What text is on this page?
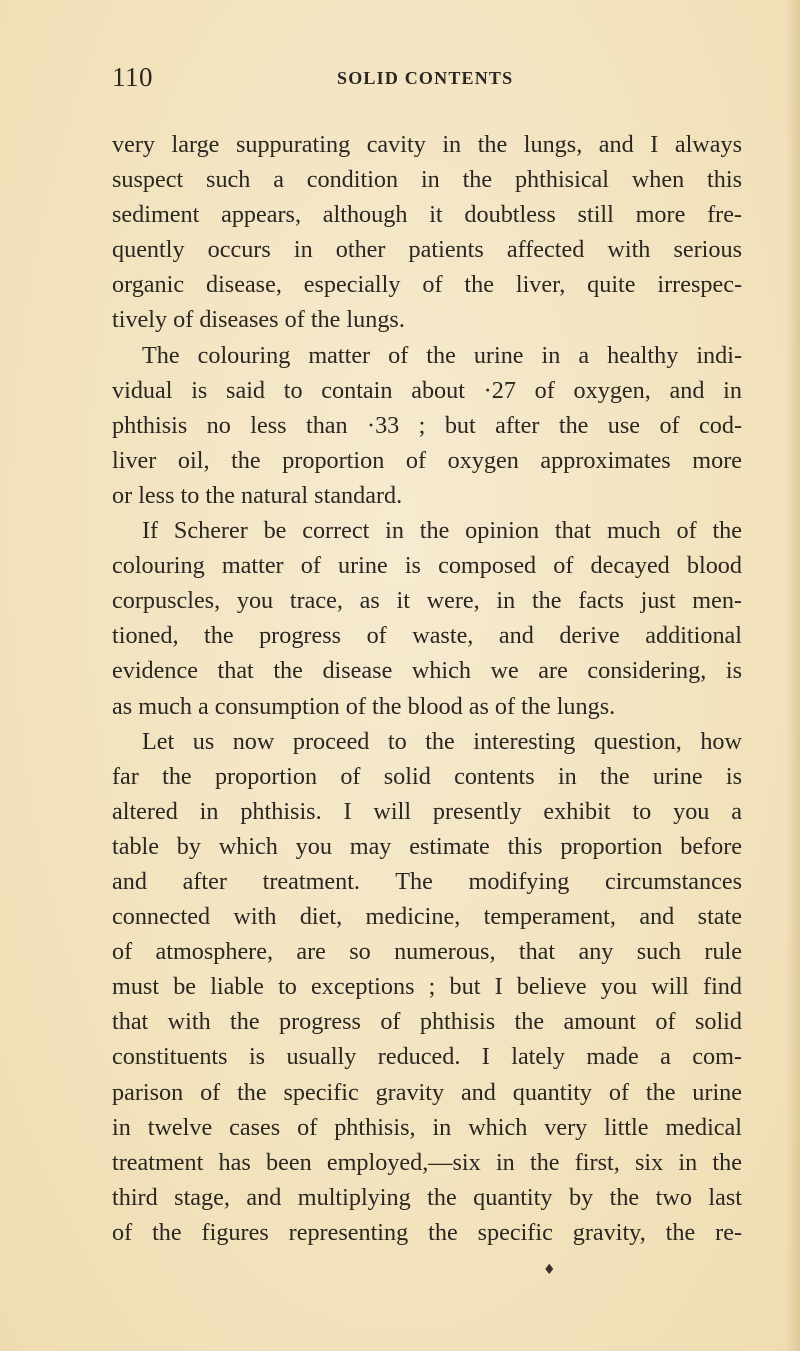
110	SOLID CONTENTS
very large suppurating cavity in the lungs, and I always
suspect such a condition in the phthisical when this
sediment appears, although it doubtless still more fre-
quently occurs in other patients affected with serious
organic disease, especially of the liver, quite irrespec-
tively of diseases of the lungs.
The colouring matter of the urine in a healthy indi-
vidual is said to contain about ·27 of oxygen, and in
phthisis no less than ·33 ; but after the use of cod-
liver oil, the proportion of oxygen approximates more
or less to the natural standard.
If Scherer be correct in the opinion that much of the
colouring matter of urine is composed of decayed blood
corpuscles, you trace, as it were, in the facts just men-
tioned, the progress of waste, and derive additional
evidence that the disease which we are considering, is
as much a consumption of the blood as of the lungs.
Let us now proceed to the interesting question, how
far the proportion of solid contents in the urine is
altered in phthisis. I will presently exhibit to you a
table by which you may estimate this proportion before
and after treatment. The modifying circumstances
connected with diet, medicine, temperament, and state
of atmosphere, are so numerous, that any such rule
must be liable to exceptions ; but I believe you will find
that with the progress of phthisis the amount of solid
constituents is usually reduced. I lately made a com-
parison of the specific gravity and quantity of the urine
in twelve cases of phthisis, in which very little medical
treatment has been employed,—six in the first, six in the
third stage, and multiplying the quantity by the two last
of the figures representing the specific gravity, the re-
♦
